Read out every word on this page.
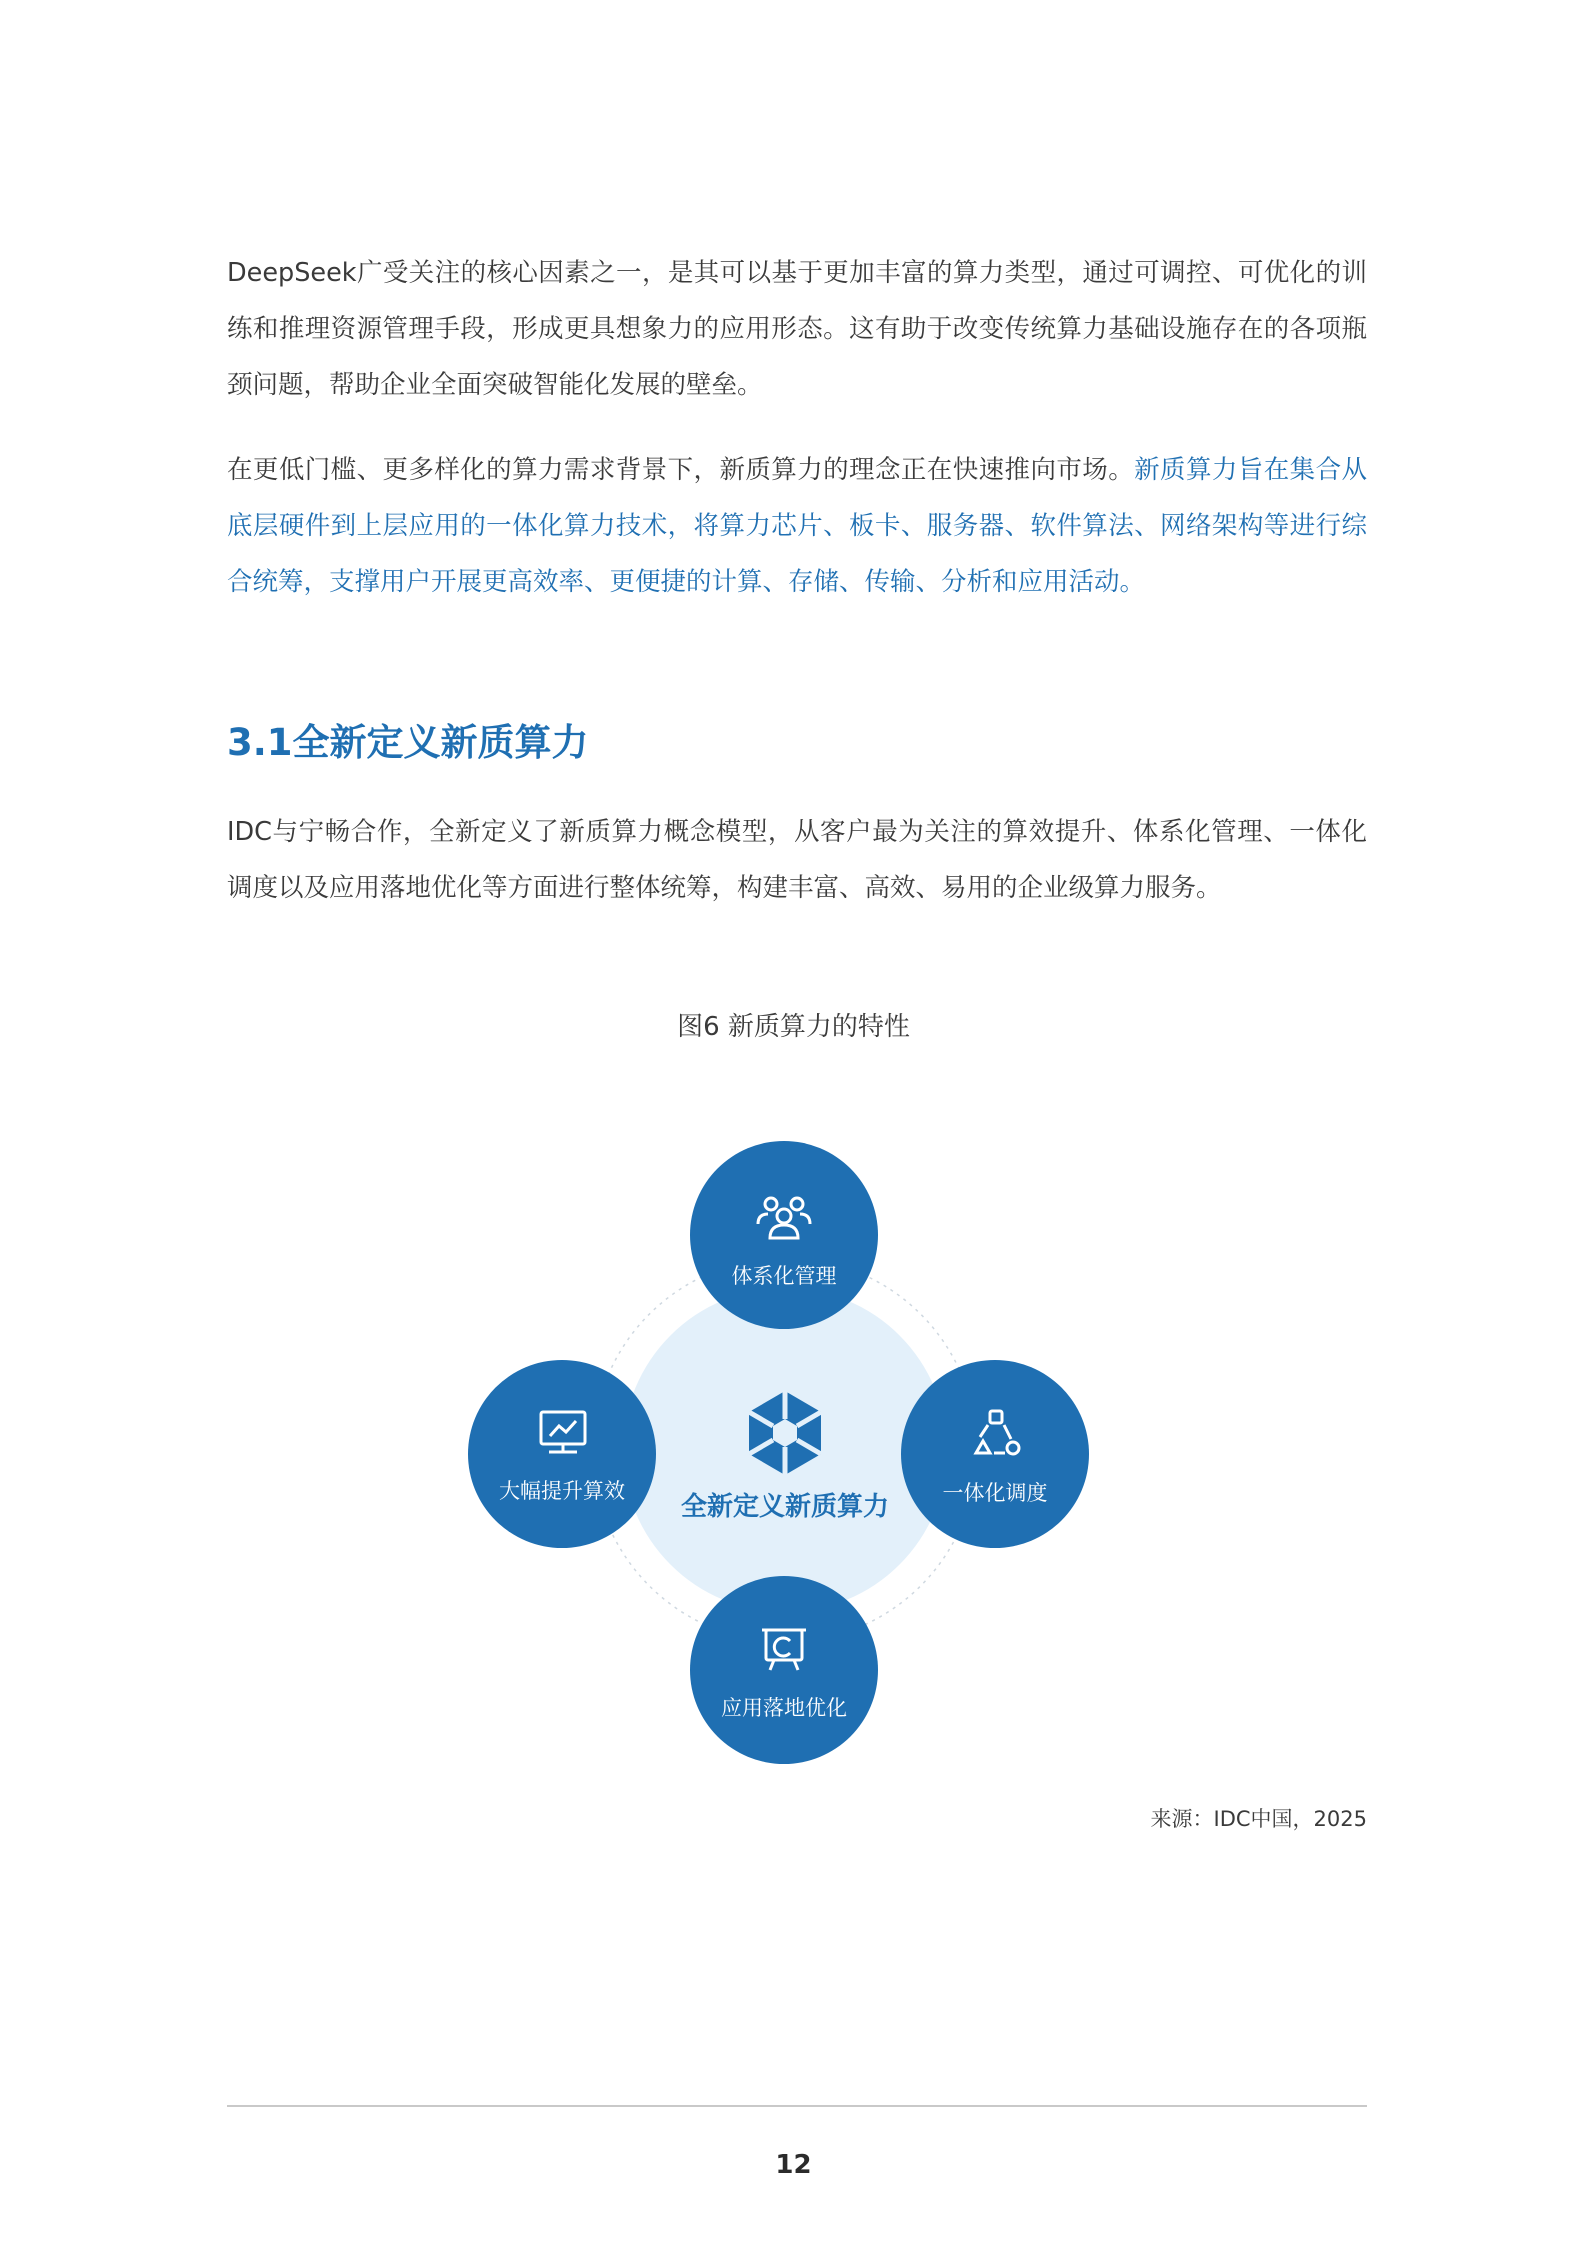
DeepSeek广受关注的核心因素之一，是其可以基于更加丰富的算力类型，通过可调控、可优化的训练和推理资源管理手段，形成更具想象力的应用形态。这有助于改变传统算力基础设施存在的各项瓶颈问题，帮助企业全面突破智能化发展的壁垒。

在更低门槛、更多样化的算力需求背景下，新质算力的理念正在快速推向市场。新质算力旨在集合从底层硬件到上层应用的一体化算力技术，将算力芯片、板卡、服务器、软件算法、网络架构等进行综合统筹，支撑用户开展更高效率、更便捷的计算、存储、传输、分析和应用活动。

3.1全新定义新质算力

IDC与宁畅合作，全新定义了新质算力概念模型，从客户最为关注的算效提升、体系化管理、一体化调度以及应用落地优化等方面进行整体统筹，构建丰富、高效、易用的企业级算力服务。

图6 新质算力的特性

全新定义新质算力
体系化管理
大幅提升算效	一体化调度
应用落地优化

来源：IDC中国，2025

12
